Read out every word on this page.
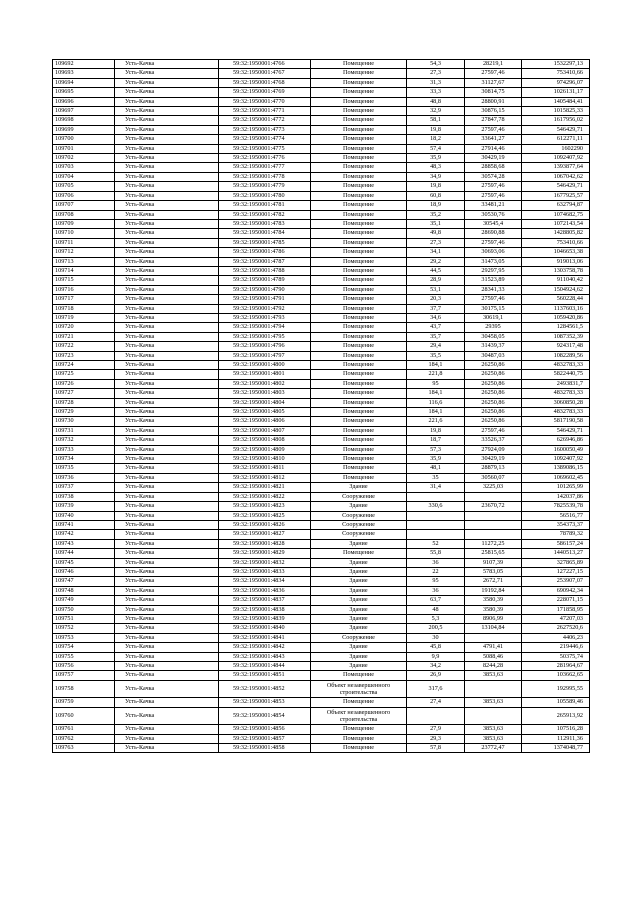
109692	Усть-Качка	59:32:1950001:4766	Помещение	54,3	28219,1	1532297,13
109693	Усть-Качка	59:32:1950001:4767	Помещение	27,3	27597,46	753410,66
109694	Усть-Качка	59:32:1950001:4768	Помещение	31,3	31127,67	974296,07
109695	Усть-Качка	59:32:1950001:4769	Помещение	33,3	30814,75	1026131,17
109696	Усть-Качка	59:32:1950001:4770	Помещение	48,8	28800,91	1405484,41
109697	Усть-Качка	59:32:1950001:4771	Помещение	32,9	30876,15	1015825,33
109698	Усть-Качка	59:32:1950001:4772	Помещение	58,1	27847,78	1617956,02
109699	Усть-Качка	59:32:1950001:4773	Помещение	19,8	27597,46	546429,71
109700	Усть-Качка	59:32:1950001:4774	Помещение	18,2	33641,27	612271,11
109701	Усть-Качка	59:32:1950001:4775	Помещение	57,4	27914,46	1602290
109702	Усть-Качка	59:32:1950001:4776	Помещение	35,9	30429,19	1092407,92
109703	Усть-Качка	59:32:1950001:4777	Помещение	48,3	28858,68	1393877,64
109704	Усть-Качка	59:32:1950001:4778	Помещение	34,9	30574,28	1067042,62
109705	Усть-Качка	59:32:1950001:4779	Помещение	19,8	27597,46	546429,71
109706	Усть-Качка	59:32:1950001:4780	Помещение	60,8	27597,46	1677925,57
109707	Усть-Качка	59:32:1950001:4781	Помещение	18,9	33481,21	632794,87
109708	Усть-Качка	59:32:1950001:4782	Помещение	35,2	30530,76	1074682,75
109709	Усть-Качка	59:32:1950001:4783	Помещение	35,1	30545,4	1072143,54
109710	Усть-Качка	59:32:1950001:4784	Помещение	49,8	28690,88	1428805,82
109711	Усть-Качка	59:32:1950001:4785	Помещение	27,3	27597,46	753410,66
109712	Усть-Качка	59:32:1950001:4786	Помещение	34,1	30693,06	1046653,38
109713	Усть-Качка	59:32:1950001:4787	Помещение	29,2	31473,05	919013,06
109714	Усть-Качка	59:32:1950001:4788	Помещение	44,5	29297,95	1303758,78
109715	Усть-Качка	59:32:1950001:4789	Помещение	28,9	31523,89	911040,42
109716	Усть-Качка	59:32:1950001:4790	Помещение	53,1	28341,33	1504924,62
109717	Усть-Качка	59:32:1950001:4791	Помещение	20,3	27597,46	560228,44
109718	Усть-Качка	59:32:1950001:4792	Помещение	37,7	30175,15	1137603,16
109719	Усть-Качка	59:32:1950001:4793	Помещение	34,6	30619,1	1059420,86
109720	Усть-Качка	59:32:1950001:4794	Помещение	43,7	29395	1284561,5
109721	Усть-Качка	59:32:1950001:4795	Помещение	35,7	30458,05	1087352,39
109722	Усть-Качка	59:32:1950001:4796	Помещение	29,4	31439,37	924317,48
109723	Усть-Качка	59:32:1950001:4797	Помещение	35,5	30487,03	1082289,56
109724	Усть-Качка	59:32:1950001:4800	Помещение	184,1	26250,86	4832783,33
109725	Усть-Качка	59:32:1950001:4801	Помещение	221,8	26250,86	5822440,75
109726	Усть-Качка	59:32:1950001:4802	Помещение	95	26250,86	2493831,7
109727	Усть-Качка	59:32:1950001:4803	Помещение	184,1	26250,86	4832783,33
109728	Усть-Качка	59:32:1950001:4804	Помещение	116,6	26250,86	3060850,28
109729	Усть-Качка	59:32:1950001:4805	Помещение	184,1	26250,86	4832783,33
109730	Усть-Качка	59:32:1950001:4806	Помещение	221,6	26250,86	5817190,58
109731	Усть-Качка	59:32:1950001:4807	Помещение	19,8	27597,46	546429,71
109732	Усть-Качка	59:32:1950001:4808	Помещение	18,7	33526,37	626946,86
109733	Усть-Качка	59:32:1950001:4809	Помещение	57,3	27924,09	1600050,49
109734	Усть-Качка	59:32:1950001:4810	Помещение	35,9	30429,19	1092407,92
109735	Усть-Качка	59:32:1950001:4811	Помещение	48,1	28879,13	1389086,15
109736	Усть-Качка	59:32:1950001:4812	Помещение	35	30560,07	1069602,45
109737	Усть-Качка	59:32:1950001:4821	Здание	31,4	3225,03	101265,99
109738	Усть-Качка	59:32:1950001:4822	Сооружение			142037,86
109739	Усть-Качка	59:32:1950001:4823	Здание	330,6	23670,72	7825539,78
109740	Усть-Качка	59:32:1950001:4825	Сооружение			56516,77
109741	Усть-Качка	59:32:1950001:4826	Сооружение			354373,37
109742	Усть-Качка	59:32:1950001:4827	Сооружение			78789,32
109743	Усть-Качка	59:32:1950001:4828	Здание	52	11272,25	586157,24
109744	Усть-Качка	59:32:1950001:4829	Помещение	55,8	25815,65	1440513,27
109745	Усть-Качка	59:32:1950001:4832	Здание	36	9107,39	327865,89
109746	Усть-Качка	59:32:1950001:4833	Здание	22	5783,05	127227,15
109747	Усть-Качка	59:32:1950001:4834	Здание	95	2672,71	253907,07
109748	Усть-Качка	59:32:1950001:4836	Здание	36	19192,84	690942,34
109749	Усть-Качка	59:32:1950001:4837	Здание	63,7	3580,39	228071,15
109750	Усть-Качка	59:32:1950001:4838	Здание	48	3580,39	171858,95
109751	Усть-Качка	59:32:1950001:4839	Здание	5,3	8906,99	47207,03
109752	Усть-Качка	59:32:1950001:4840	Здание	200,5	13104,84	2627520,6
109753	Усть-Качка	59:32:1950001:4841	Сооружение	30		4406,23
109754	Усть-Качка	59:32:1950001:4842	Здание	45,8	4791,41	219446,6
109755	Усть-Качка	59:32:1950001:4843	Здание	9,9	5088,46	50375,74
109756	Усть-Качка	59:32:1950001:4844	Здание	34,2	8244,28	281964,67
109757	Усть-Качка	59:32:1950001:4851	Помещение	26,9	3853,63	103662,65
109758	Усть-Качка	59:32:1950001:4852	Объект незавершенного строительства	317,6		192995,55
109759	Усть-Качка	59:32:1950001:4853	Помещение	27,4	3853,63	105589,46
109760	Усть-Качка	59:32:1950001:4854	Объект незавершенного строительства			265913,92
109761	Усть-Качка	59:32:1950001:4856	Помещение	27,9	3853,63	107516,28
109762	Усть-Качка	59:32:1950001:4857	Помещение	29,3	3853,63	112911,36
109763	Усть-Качка	59:32:1950001:4858	Помещение	57,8	23772,47	1374048,77
